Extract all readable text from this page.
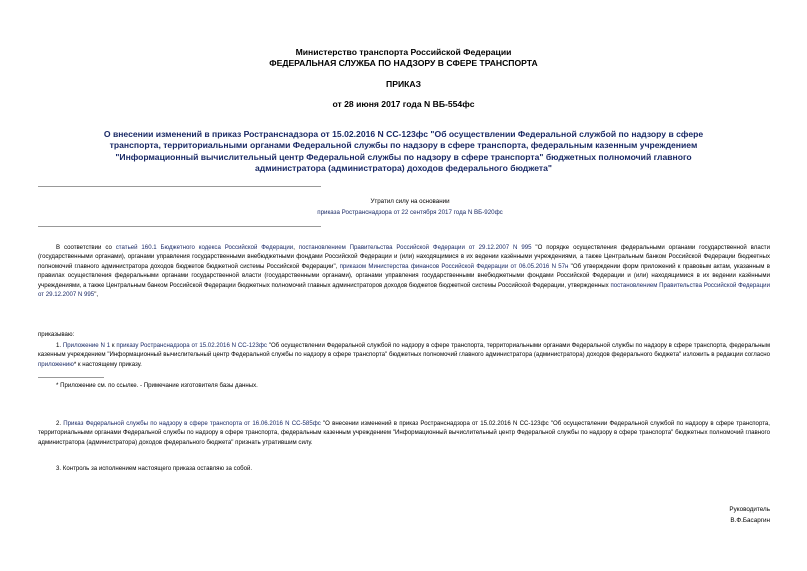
Министерство транспорта Российской Федерации
ФЕДЕРАЛЬНАЯ СЛУЖБА ПО НАДЗОРУ В СФЕРЕ ТРАНСПОРТА
ПРИКАЗ
от 28 июня 2017 года N ВБ-554фс
О внесении изменений в приказ Ространснадзора от 15.02.2016 N СС-123фс "Об осуществлении Федеральной службой по надзору в сфере транспорта, территориальными органами Федеральной службы по надзору в сфере транспорта, федеральным казенным учреждением "Информационный вычислительный центр Федеральной службы по надзору в сфере транспорта" бюджетных полномочий главного администратора (администратора) доходов федерального бюджета"
Утратил силу на основании
приказа Ространснадзора от 22 сентября 2017 года N ВБ-920фс
В соответствии со статьей 160.1 Бюджетного кодекса Российской Федерации, постановлением Правительства Российской Федерации от 29.12.2007 N 995 "О порядке осуществления федеральными органами государственной власти (государственными органами), органами управления государственными внебюджетными фондами Российской Федерации и (или) находящимися в их ведении казёнными учреждениями, а также Центральным банком Российской Федерации бюджетных полномочий главного администратора доходов бюджетов бюджетной системы Российской Федерации", приказом Министерства финансов Российской Федерации от 06.05.2016 N 57н "Об утверждении форм приложений к правовым актам, указанным в правилах осуществления федеральными органами государственной власти (государственными органами), органами управления государственными внебюджетными фондами Российской Федерации и (или) находящимися в их ведении казёнными учреждениями, а также Центральным банком Российской Федерации бюджетных полномочий главных администраторов доходов бюджетов бюджетной системы Российской Федерации, утвержденных постановлением Правительства Российской Федерации от 29.12.2007 N 995",
приказываю:
1. Приложение N 1 к приказу Ространснадзора от 15.02.2016 N СС-123фс "Об осуществлении Федеральной службой по надзору в сфере транспорта, территориальными органами Федеральной службы по надзору в сфере транспорта, федеральным казенным учреждением "Информационный вычислительный центр Федеральной службы по надзору в сфере транспорта" бюджетных полномочий главного администратора (администратора) доходов федерального бюджета" изложить в редакции согласно приложению* к настоящему приказу.
* Приложение см. по ссылке. - Примечание изготовителя базы данных.
2. Приказ Федеральной службы по надзору в сфере транспорта от 16.06.2016 N СС-585фс "О внесении изменений в приказ Ространснадзора от 15.02.2016 N СС-123фс "Об осуществлении Федеральной службой по надзору в сфере транспорта, территориальными органами Федеральной службы по надзору в сфере транспорта, федеральным казенным учреждением "Информационный вычислительный центр Федеральной службы по надзору в сфере транспорта" бюджетных полномочий главного администратора (администратора) доходов федерального бюджета" признать утратившим силу.
3. Контроль за исполнением настоящего приказа оставляю за собой.
Руководитель
В.Ф.Басаргин
